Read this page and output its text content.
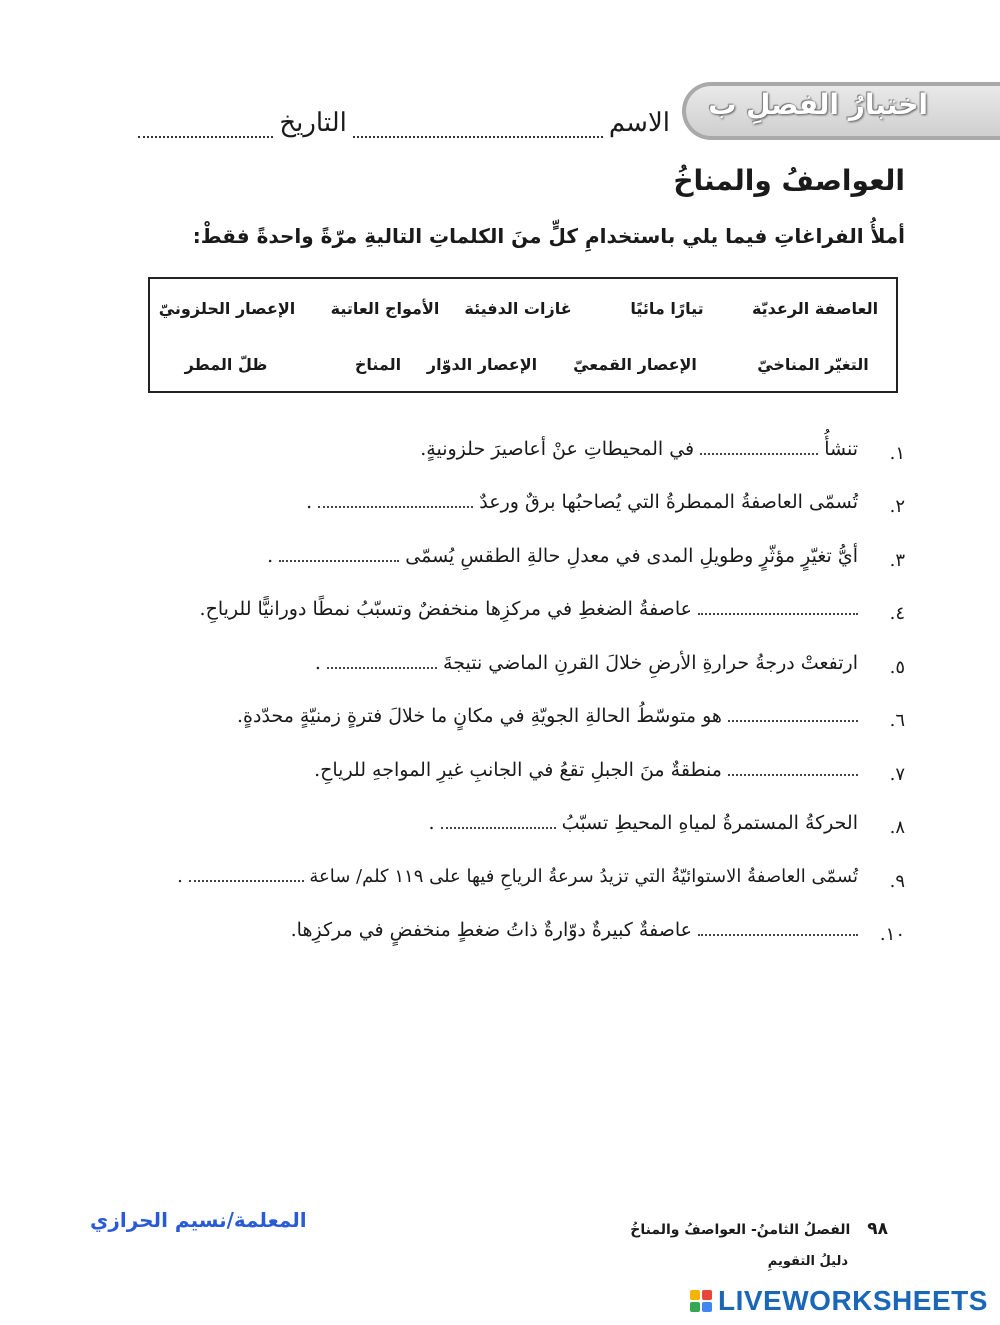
اختبارُ الفصلِ ب
الاسم
التاريخ
العواصفُ والمناخُ
أملأُ الفراغاتِ فيما يلي باستخدامِ كلٍّ منَ الكلماتِ التاليةِ مرّةً واحدةً فقطْ:
العاصفة الرعديّة
تيارًا مائيًا
غازات الدفيئة
الأمواج العاتية
الإعصار الحلزونيّ
التغيّر المناخيّ
الإعصار القمعيّ
الإعصار الدوّار
المناخ
ظلّ المطر
١.
تنشأُ  في المحيطاتِ عنْ أعاصيرَ حلزونيةٍ.
٢.
تُسمّى العاصفةُ الممطرةُ التي يُصاحبُها برقٌ ورعدٌ  .
٣.
أيُّ تغيّرٍ مؤثّرٍ وطويلِ المدى في معدلِ حالةِ الطقسِ يُسمّى  .
٤.
عاصفةُ الضغطِ في مركزِها منخفضٌ وتسبّبُ نمطًا دورانيًّا للرياحِ.
٥.
ارتفعتْ درجةُ حرارةِ الأرضِ خلالَ القرنِ الماضي نتيجةَ  .
٦.
هو متوسّطُ الحالةِ الجويّةِ في مكانٍ ما خلالَ فترةٍ زمنيّةٍ محدّدةٍ.
٧.
منطقةٌ منَ الجبلِ تقعُ في الجانبِ غيرِ المواجهِ للرياحِ.
٨.
الحركةُ المستمرةُ لمياهِ المحيطِ تسبّبُ  .
٩.
تُسمّى العاصفةُ الاستوائيّةُ التي تزيدُ سرعةُ الرياحِ فيها على ١١٩ كلم/ ساعة  .
١٠.
عاصفةٌ كبيرةٌ دوّارةٌ ذاتُ ضغطٍ منخفضٍ في مركزِها.
المعلمة/نسيم الحرازي	٩٨ الفصلُ الثامنُ- العواصفُ والمناخُ
دليلُ التقويمِ
LIVEWORKSHEETS
